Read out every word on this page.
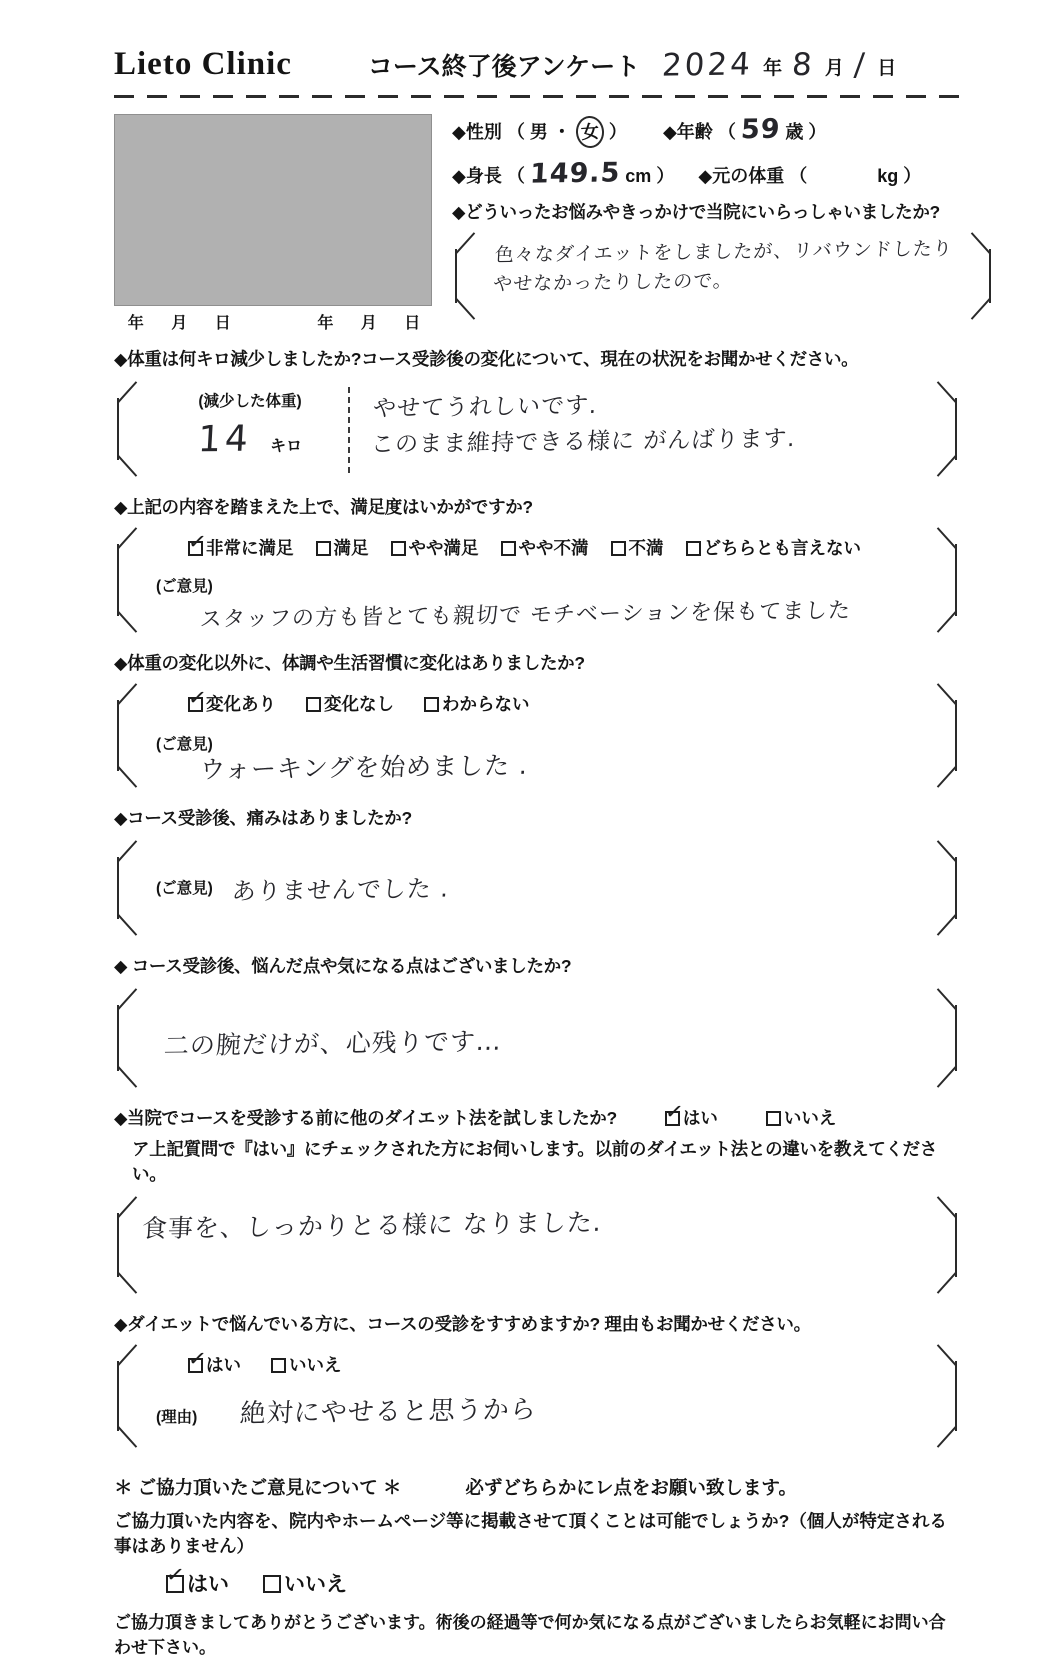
Lieto Clinic	コース終了後アンケート 2024 年 8 月 / 日
年	月	日	年	月	日
◆性別 （ 男 ・ 女 ） ◆年齢 （ 59 歳 ）
◆身長 （ 149.5 cm ） ◆元の体重 （	kg ）
◆どういったお悩みやきっかけで当院にいらっしゃいましたか?
色々なダイエットをしましたが、リバウンドしたり
やせなかったりしたので。
◆体重は何キロ減少しましたか?コース受診後の変化について、現在の状況をお聞かせください。
(減少した体重)
14 キロ
やせてうれしいです.
このまま維持できる様に がんばります.
◆上記の内容を踏まえた上で、満足度はいかがですか?
✓
非常に満足	満足	やや満足	やや不満	不満	どちらとも言えない
(ご意見)
スタッフの方も皆とても親切で モチベーションを保もてました
◆体重の変化以外に、体調や生活習慣に変化はありましたか?
✓
変化あり	変化なし	わからない
(ご意見)
ウォーキングを始めました .
◆コース受診後、痛みはありましたか?
(ご意見) ありませんでした .
◆ コース受診後、悩んだ点や気になる点はございましたか?
二の腕だけが、心残りです…
◆当院でコースを受診する前に他のダイエット法を試しましたか? ✓
はい	いいえ
ア上記質問で『はい』にチェックされた方にお伺いします。以前のダイエット法との違いを教えてください。
食事を、しっかりとる様に なりました.
◆ダイエットで悩んでいる方に、コースの受診をすすめますか? 理由もお聞かせください。
✓
はい	いいえ
(理由) 絶対にやせると思うから
＊ ご協力頂いたご意見について ＊	必ずどちらかにレ点をお願い致します。
ご協力頂いた内容を、院内やホームページ等に掲載させて頂くことは可能でしょうか?（個人が特定される事はありません）
✓ はい	いいえ
ご協力頂きましてありがとうございます。術後の経過等で何か気になる点がございましたらお気軽にお問い合わせ下さい。
